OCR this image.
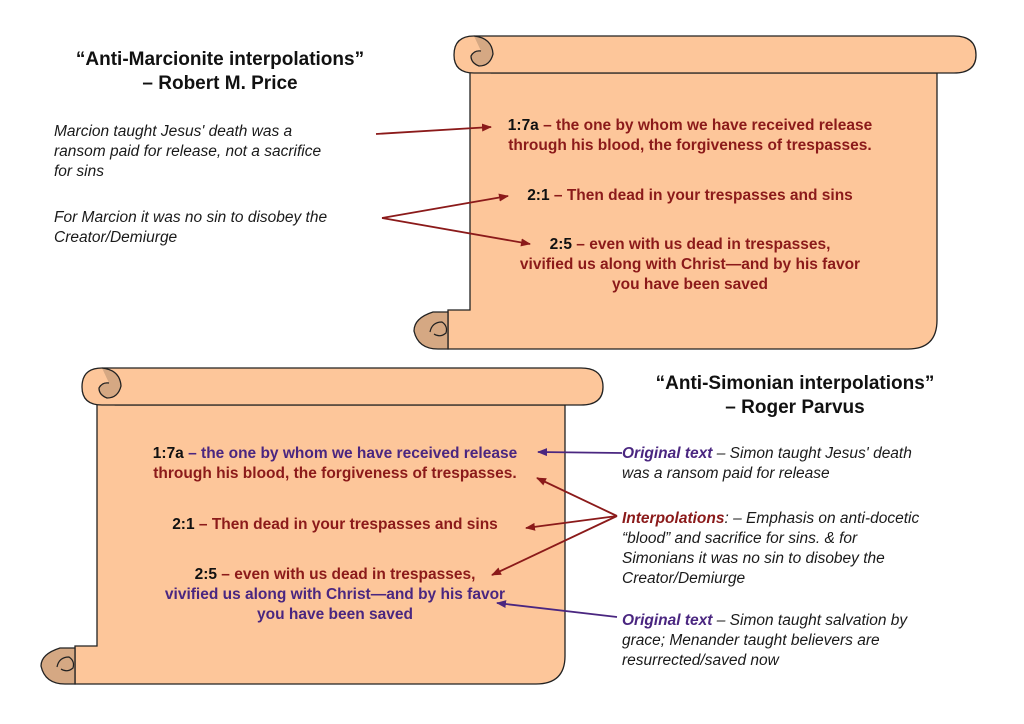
“Anti-Marcionite interpolations”
– Robert M. Price
Marcion taught Jesus' death was a
ransom paid for release, not a sacrifice
for sins
For Marcion it was no sin to disobey the
Creator/Demiurge
1:7a – the one by whom we have received release
through his blood, the forgiveness of trespasses.
2:1 – Then dead in your trespasses and sins
2:5 – even with us dead in trespasses,
vivified us along with Christ—and by his favor
you have been saved
“Anti-Simonian interpolations”
– Roger Parvus
1:7a – the one by whom we have received release
through his blood, the forgiveness of trespasses.
2:1 – Then dead in your trespasses and sins
2:5 – even with us dead in trespasses,
vivified us along with Christ—and by his favor
you have been saved
Original text – Simon taught Jesus' death
was a ransom paid for release
Interpolations: – Emphasis on anti-docetic
“blood” and sacrifice for sins. & for
Simonians it was no sin to disobey the
Creator/Demiurge
Original text – Simon taught salvation by
grace; Menander taught believers are
resurrected/saved now
